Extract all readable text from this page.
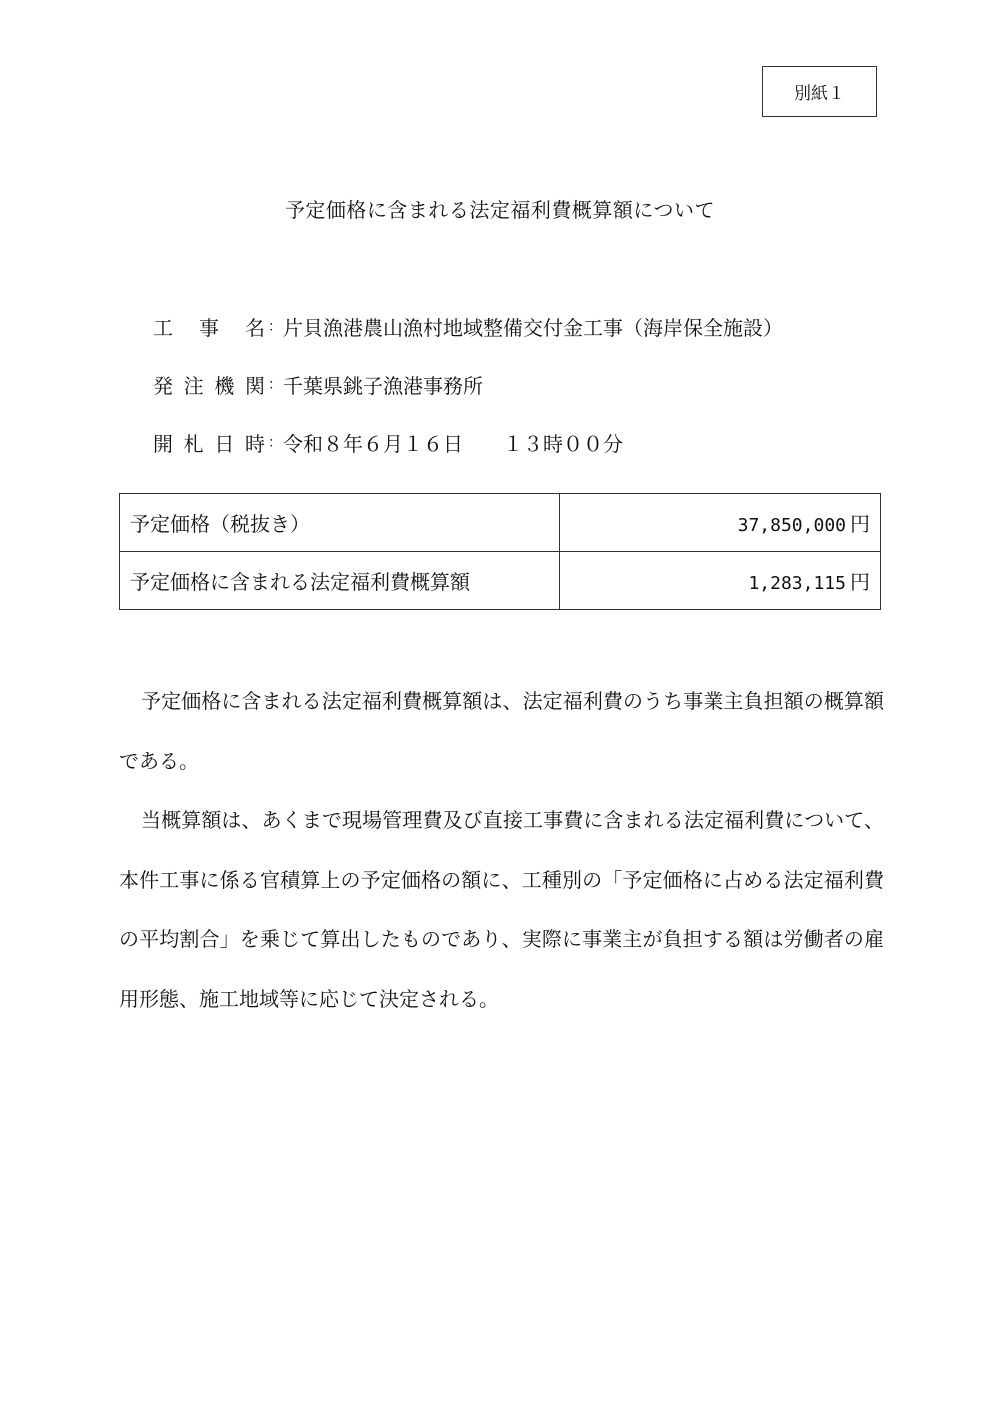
別紙１
予定価格に含まれる法定福利費概算額について
工事名 ： 片貝漁港農山漁村地域整備交付金工事（海岸保全施設）
発注機関 ： 千葉県銚子漁港事務所
開札日時 ： 令和８年６月１６日　　１３時００分
予定価格（税抜き）	37,850,000 円
予定価格に含まれる法定福利費概算額	1,283,115 円

予定価格に含まれる法定福利費概算額は、法定福利費のうち事業主負担額の概算額である。

当概算額は、あくまで現場管理費及び直接工事費に含まれる法定福利費について、本件工事に係る官積算上の予定価格の額に、工種別の「予定価格に占める法定福利費の平均割合」を乗じて算出したものであり、実際に事業主が負担する額は労働者の雇用形態、施工地域等に応じて決定される。
